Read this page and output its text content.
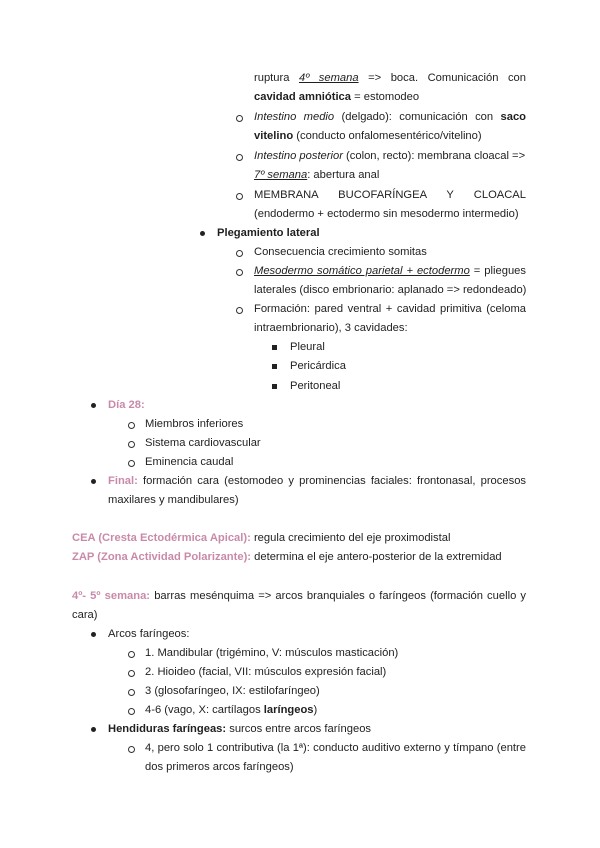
ruptura 4º semana => boca. Comunicación con
cavidad amniótica = estomodeo
Intestino medio (delgado): comunicación con saco
vitelino (conducto onfalomesentérico/vitelino)
Intestino posterior (colon, recto): membrana cloacal =>
7º semana: abertura anal
MEMBRANA BUCOFARÍNGEA Y CLOACAL
(endodermo + ectodermo sin mesodermo intermedio)
Plegamiento lateral
Consecuencia crecimiento somitas
Mesodermo somático parietal + ectodermo = pliegues
laterales (disco embrionario: aplanado => redondeado)
Formación: pared ventral + cavidad primitiva (celoma
intraembrionario), 3 cavidades:
Pleural
Pericárdica
Peritoneal
Día 28:
Miembros inferiores
Sistema cardiovascular
Eminencia caudal
Final: formación cara (estomodeo y prominencias faciales: frontonasal, procesos
maxilares y mandibulares)
CEA (Cresta Ectodérmica Apical): regula crecimiento del eje proximodistal
ZAP (Zona Actividad Polarizante): determina el eje antero-posterior de la extremidad
4º- 5º semana: barras mesénquima => arcos branquiales o faríngeos (formación cuello y
cara)
Arcos faríngeos:
1. Mandibular (trigémino, V: músculos masticación)
2. Hioideo (facial, VII: músculos expresión facial)
3 (glosofaríngeo, IX: estilofaríngeo)
4-6 (vago, X: cartílagos laríngeos)
Hendiduras faríngeas: surcos entre arcos faríngeos
4, pero solo 1 contributiva (la 1ª): conducto auditivo externo y tímpano (entre
dos primeros arcos faríngeos)
